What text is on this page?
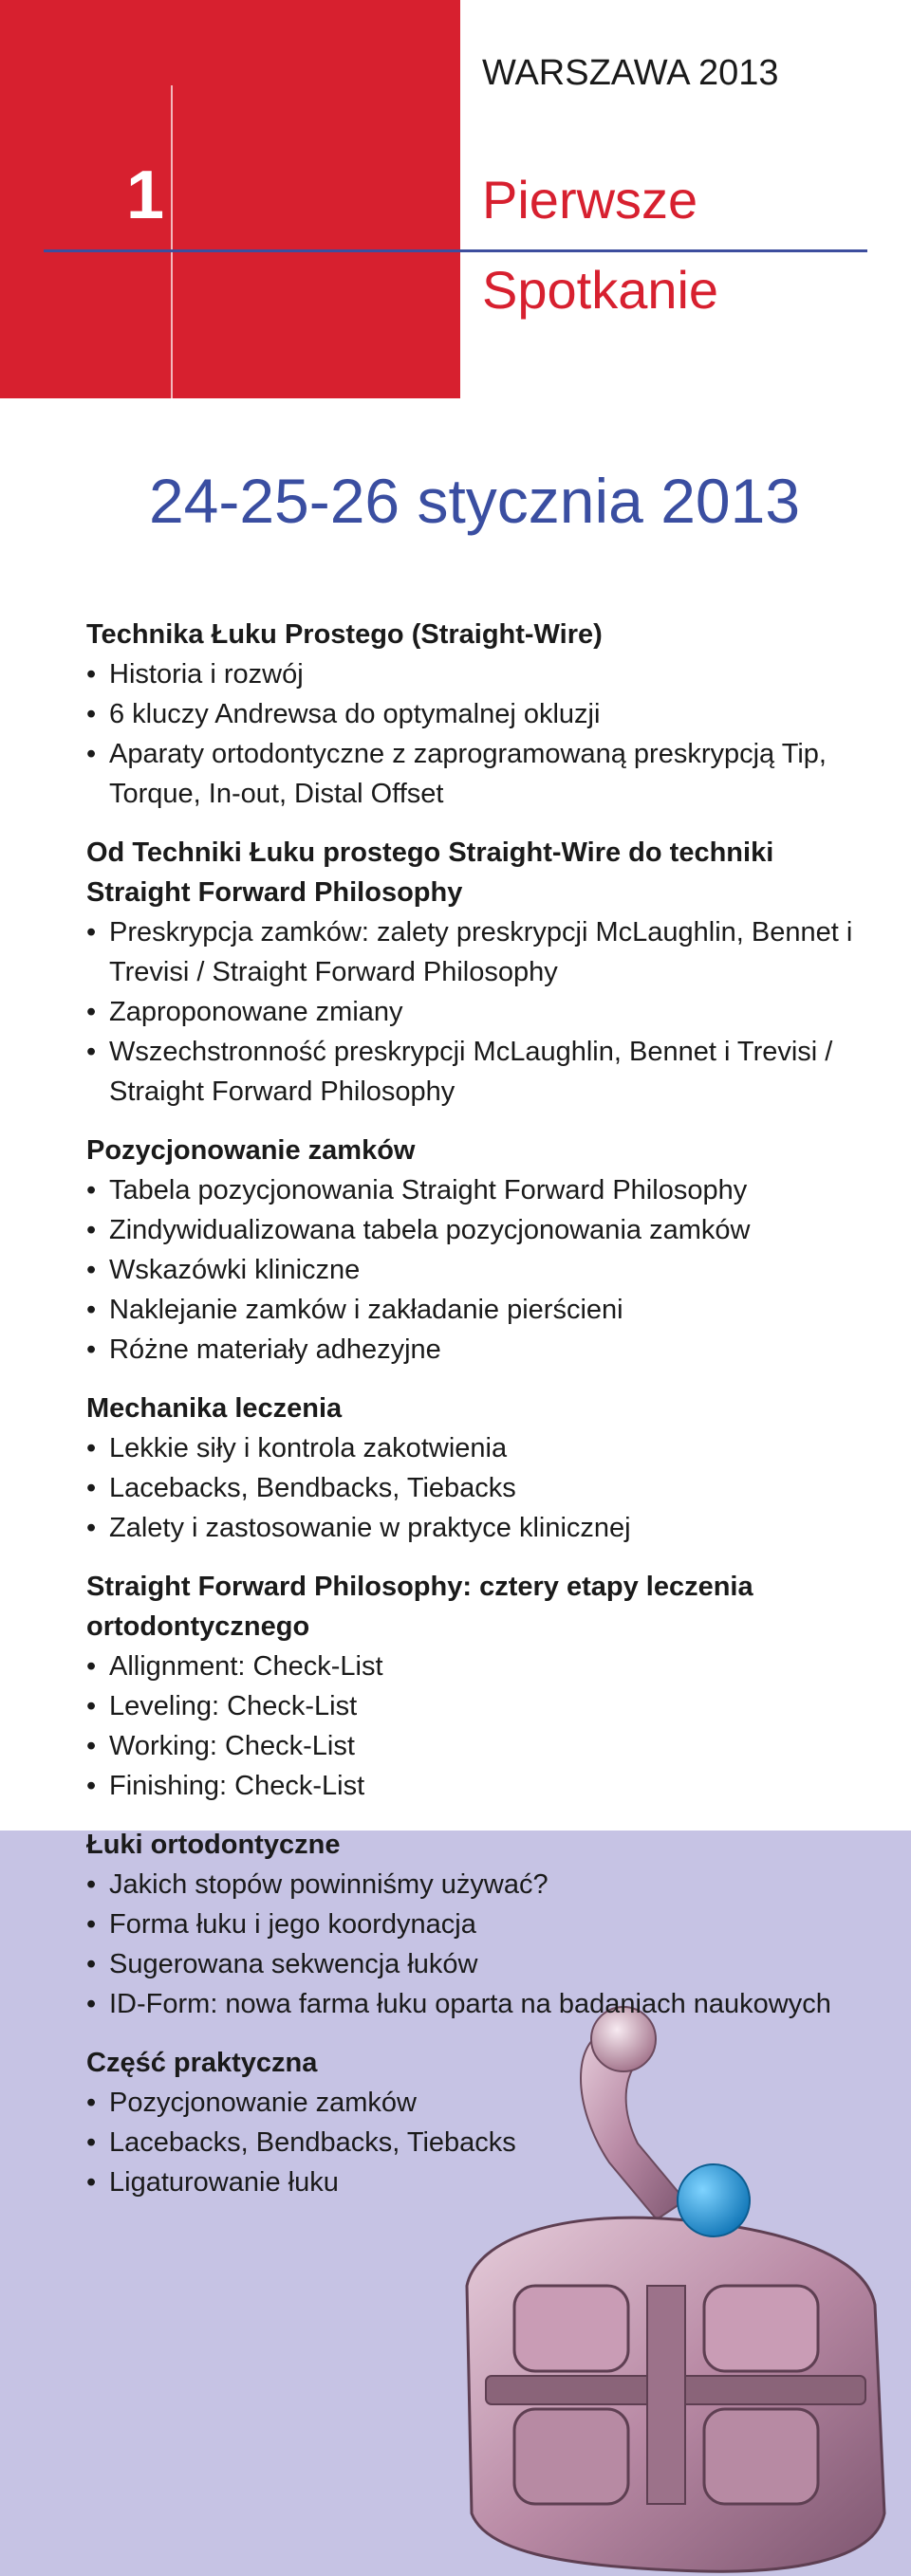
1
WARSZAWA 2013
Pierwsze
Spotkanie
24-25-26 stycznia 2013
Technika Łuku Prostego (Straight-Wire)
• Historia i rozwój
• 6 kluczy Andrewsa do optymalnej okluzji
• Aparaty ortodontyczne z zaprogramowaną preskrypcją Tip, Torque, In-out, Distal Offset
Od Techniki Łuku prostego Straight-Wire do techniki Straight Forward Philosophy
• Preskrypcja zamków: zalety preskrypcji McLaughlin, Bennet i Trevisi / Straight Forward Philosophy
• Zaproponowane zmiany
• Wszechstronność preskrypcji McLaughlin, Bennet i Trevisi / Straight Forward Philosophy
Pozycjonowanie zamków
• Tabela pozycjonowania Straight Forward Philosophy
• Zindywidualizowana tabela pozycjonowania zamków
• Wskazówki kliniczne
• Naklejanie zamków i zakładanie pierścieni
• Różne materiały adhezyjne
Mechanika leczenia
• Lekkie siły i kontrola zakotwienia
• Lacebacks, Bendbacks, Tiebacks
• Zalety i zastosowanie w praktyce klinicznej
Straight Forward Philosophy: cztery etapy leczenia ortodontycznego
• Allignment: Check-List
• Leveling: Check-List
• Working: Check-List
• Finishing: Check-List
Łuki ortodontyczne
• Jakich stopów powinniśmy używać?
• Forma łuku i jego koordynacja
• Sugerowana sekwencja łuków
• ID-Form: nowa farma łuku oparta na badaniach naukowych
Część praktyczna
• Pozycjonowanie zamków
• Lacebacks, Bendbacks, Tiebacks
• Ligaturowanie łuku
